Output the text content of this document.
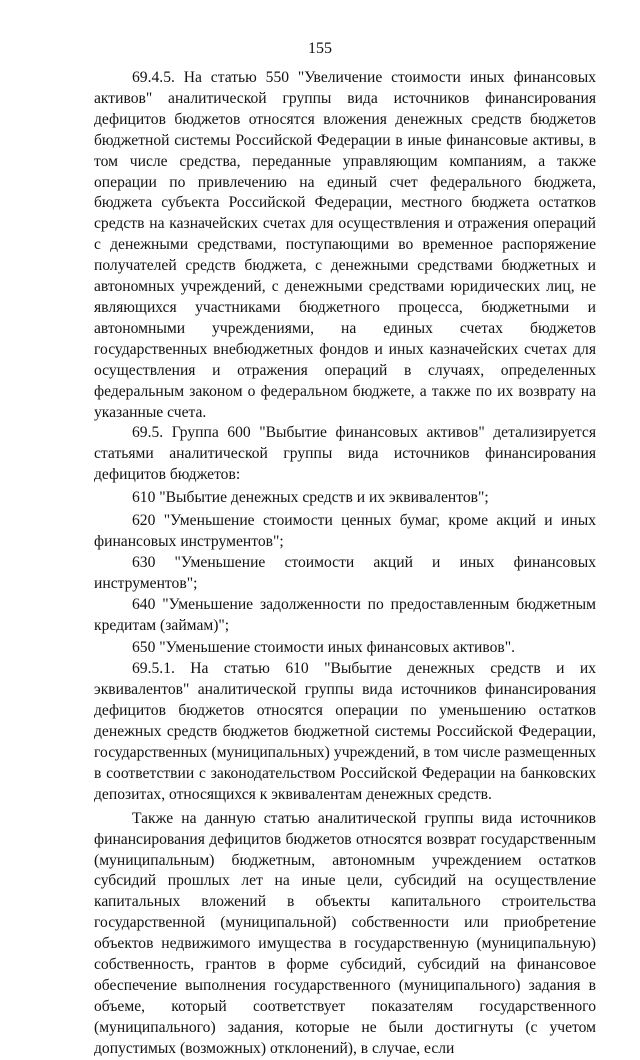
155

69.4.5. На статью 550 "Увеличение стоимости иных финансовых активов" аналитической группы вида источников финансирования дефицитов бюджетов относятся вложения денежных средств бюджетов бюджетной системы Российской Федерации в иные финансовые активы, в том числе средства, переданные управляющим компаниям, а также операции по привлечению на единый счет федерального бюджета, бюджета субъекта Российской Федерации, местного бюджета остатков средств на казначейских счетах для осуществления и отражения операций с денежными средствами, поступающими во временное распоряжение получателей средств бюджета, с денежными средствами бюджетных и автономных учреждений, с денежными средствами юридических лиц, не являющихся участниками бюджетного процесса, бюджетными и автономными учреждениями, на единых счетах бюджетов государственных внебюджетных фондов и иных казначейских счетах для осуществления и отражения операций в случаях, определенных федеральным законом о федеральном бюджете, а также по их возврату на указанные счета.

69.5. Группа 600 "Выбытие финансовых активов" детализируется статьями аналитической группы вида источников финансирования дефицитов бюджетов:

610 "Выбытие денежных средств и их эквивалентов";

620 "Уменьшение стоимости ценных бумаг, кроме акций и иных финансовых инструментов";

630 "Уменьшение стоимости акций и иных финансовых инструментов";

640 "Уменьшение задолженности по предоставленным бюджетным кредитам (займам)";

650 "Уменьшение стоимости иных финансовых активов".

69.5.1. На статью 610 "Выбытие денежных средств и их эквивалентов" аналитической группы вида источников финансирования дефицитов бюджетов относятся операции по уменьшению остатков денежных средств бюджетов бюджетной системы Российской Федерации, государственных (муниципальных) учреждений, в том числе размещенных в соответствии с законодательством Российской Федерации на банковских депозитах, относящихся к эквивалентам денежных средств.

Также на данную статью аналитической группы вида источников финансирования дефицитов бюджетов относятся возврат государственным (муниципальным) бюджетным, автономным учреждением остатков субсидий прошлых лет на иные цели, субсидий на осуществление капитальных вложений в объекты капитального строительства государственной (муниципальной) собственности или приобретение объектов недвижимого имущества в государственную (муниципальную) собственность, грантов в форме субсидий, субсидий на финансовое обеспечение выполнения государственного (муниципального) задания в объеме, который соответствует показателям государственного (муниципального) задания, которые не были достигнуты (с учетом допустимых (возможных) отклонений), в случае, если
